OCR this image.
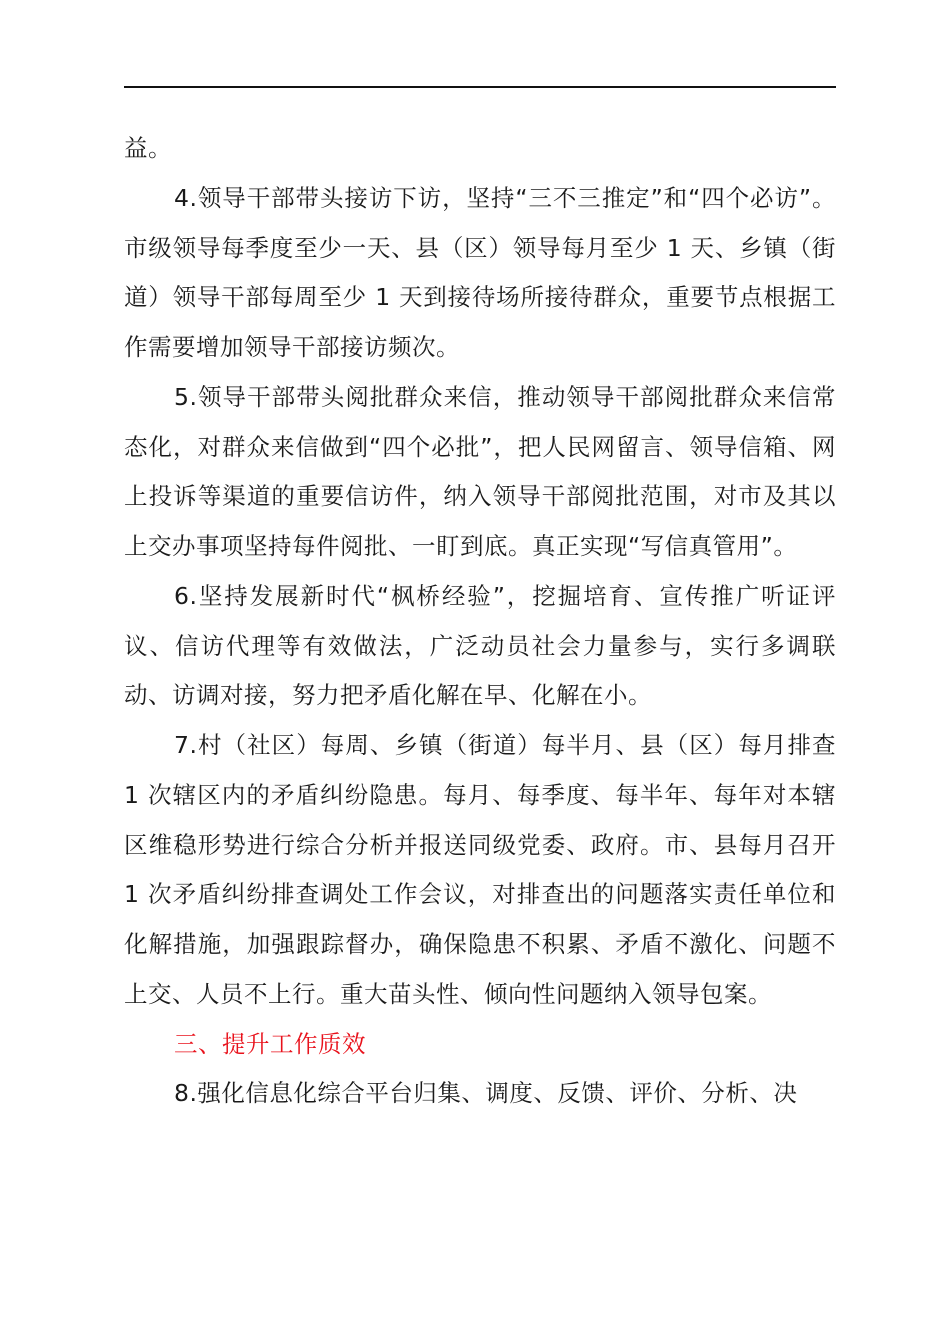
益。

4.领导干部带头接访下访，坚持“三不三推定”和“四个必访”。市级领导每季度至少一天、县（区）领导每月至少 1 天、乡镇（街道）领导干部每周至少 1 天到接待场所接待群众，重要节点根据工作需要增加领导干部接访频次。

5.领导干部带头阅批群众来信，推动领导干部阅批群众来信常态化，对群众来信做到“四个必批”，把人民网留言、领导信箱、网上投诉等渠道的重要信访件，纳入领导干部阅批范围，对市及其以上交办事项坚持每件阅批、一盯到底。真正实现“写信真管用”。

6.坚持发展新时代“枫桥经验”，挖掘培育、宣传推广听证评议、信访代理等有效做法，广泛动员社会力量参与，实行多调联动、访调对接，努力把矛盾化解在早、化解在小。

7.村（社区）每周、乡镇（街道）每半月、县（区）每月排查 1 次辖区内的矛盾纠纷隐患。每月、每季度、每半年、每年对本辖区维稳形势进行综合分析并报送同级党委、政府。市、县每月召开 1 次矛盾纠纷排查调处工作会议，对排查出的问题落实责任单位和化解措施，加强跟踪督办，确保隐患不积累、矛盾不激化、问题不上交、人员不上行。重大苗头性、倾向性问题纳入领导包案。

三、提升工作质效

8.强化信息化综合平台归集、调度、反馈、评价、分析、决
